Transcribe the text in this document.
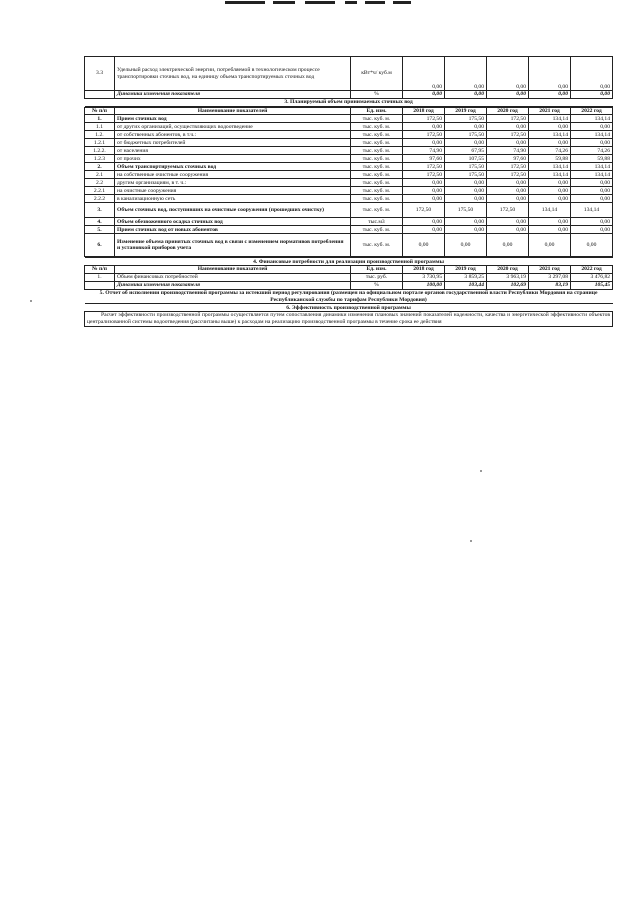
3.3	Удельный расход электрической энергии, потребляемой в технологическом процессе транспортировки сточных вод, на единицу объема транспортируемых сточных вод	кВт*ч/ куб.м	0,00	0,00	0,00	0,00	0,00
	Динамика изменения показателя	%	0,00	0,00	0,00	0,00	0,00
3. Планируемый объем принимаемых сточных вод							
№ п/п	Наименование показателей	Ед. изм.	2018 год	2019 год	2020 год	2021 год	2022 год
1.	Прием сточных вод	тыс. куб. м.	172,50	175,50	172,50	134,14	134,14
1.1	от других организаций, осуществляющих водоотведение	тыс. куб. м.	0,00	0,00	0,00	0,00	0,00
1.2.	от собственных абонентов, в т.ч.:	тыс. куб. м.	172,50	175,50	172,50	134,14	134,14
1.2.1	от бюджетных потребителей	тыс. куб. м.	0,00	0,00	0,00	0,00	0,00
1.2.2.	от населения	тыс. куб. м.	74,90	67,95	74,90	74,26	74,26
1.2.3	от прочих	тыс. куб. м.	97,60	107,55	97,60	59,88	59,88
2.	Объем транспортируемых сточных вод	тыс. куб. м.	172,50	175,50	172,50	134,14	134,14
2.1	на собственные очистные сооружения	тыс. куб. м.	172,50	175,50	172,50	134,14	134,14
2.2	другим организациям, в т. ч.:	тыс. куб. м.	0,00	0,00	0,00	0,00	0,00
2.2.1	на очистные сооружения	тыс. куб. м.	0,00	0,00	0,00	0,00	0,00
2.2.2	в канализационную сеть	тыс. куб. м.	0,00	0,00	0,00	0,00	0,00
3.	Объем сточных вод, поступивших на очистные сооружения (прошедших очистку)	тыс. куб. м.	172,50	175,50	172,50	134,14	134,14
4.	Объем обезвоженного осадка сточных вод	тыс.м3	0,00	0,00	0,00	0,00	0,00
5.	Прием сточных вод от новых абонентов	тыс. куб. м.	0,00	0,00	0,00	0,00	0,00
6.	Изменение объема принятых сточных вод в связи с изменением нормативов потребления и установкой приборов учета	тыс. куб. м.	0,00	0,00	0,00	0,00	0,00
4. Финансовые потребности для реализации производственной программы							
№ п/п	Наименование показателей	Ед. изм.	2018 год	2019 год	2020 год	2021 год	2022 год
1.	Объем финансовых потребностей	тыс. руб.	3 730,95	3 859,25	3 963,19	3 297,08	3 476,82
	Динамика изменения показателя	%	100,00	103,44	102,69	83,19	105,45
5. Отчет об исполнении производственной программы за истекший период регулирования (размещен на официальном портале органов государственной власти Республики Мордовия на странице Республиканской службы по тарифам Республики Мордовия)							
6. Эффективность производственной программы							
Расчет эффективности производственной программы осуществляется путем сопоставления динамики изменения плановых значений показателей надежности, качества и энергетической эффективности объектов централизованной системы водоотведения (рассчитаны выше) к расходам на реализацию производственной программы в течение срока ее действия							
